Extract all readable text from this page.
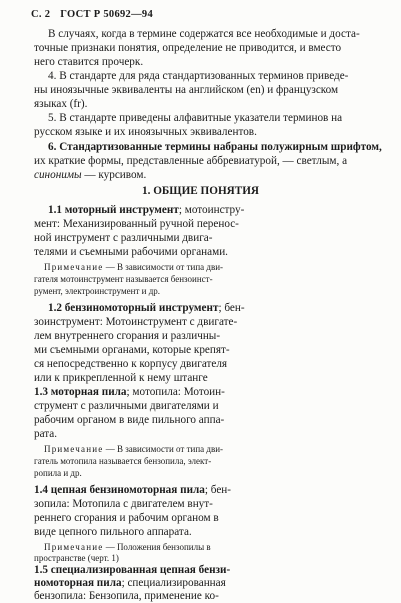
С. 2 ГОСТ Р 50692—94
В случаях, когда в термине содержатся все необходимые и доста-
точные признаки понятия, определение не приводится, и вместо
него ставится прочерк.
4. В стандарте для ряда стандартизованных терминов приведе-
ны иноязычные эквиваленты на английском (en) и французском
языках (fr).
5. В стандарте приведены алфавитные указатели терминов на
русском языке и их иноязычных эквивалентов.
6. Стандартизованные термины набраны полужирным шрифтом,
их краткие формы, представленные аббревиатурой, — светлым, а
синонимы — курсивом.
1. ОБЩИЕ ПОНЯТИЯ
1.1 моторный инструмент; мотоинстру-
мент: Механизированный ручной перенос-
ной инструмент с различными двига-
телями и съемными рабочими органами.
Примечание — В зависимости от типа дви-
гателя мотоинструмент называется бензоинст-
румент, электроинструмент и др.
1.2 бензиномоторный инструмент; бен-
зоинструмент: Мотоинструмент с двигате-
лем внутреннего сгорания и различны-
ми съемными органами, которые крепят-
ся непосредственно к корпусу двигателя
или к прикрепленной к нему штанге
1.3 моторная пила; мотопила: Мотоин-
струмент с различными двигателями и
рабочим органом в виде пильного аппа-
рата.
Примечание — В зависимости от типа дви-
гатель мотопила называется бензопила, элект-
ропила и др.
1.4 цепная бензиномоторная пила; бен-
зопила: Мотопила с двигателем внут-
реннего сгорания и рабочим органом в
виде цепного пильного аппарата.
Примечание — Положения бензопилы в
пространстве (черт. 1)
1.5 специализированная цепная бензи-
номоторная пила; специализированная
бензопила: Бензопила, применение ко-
